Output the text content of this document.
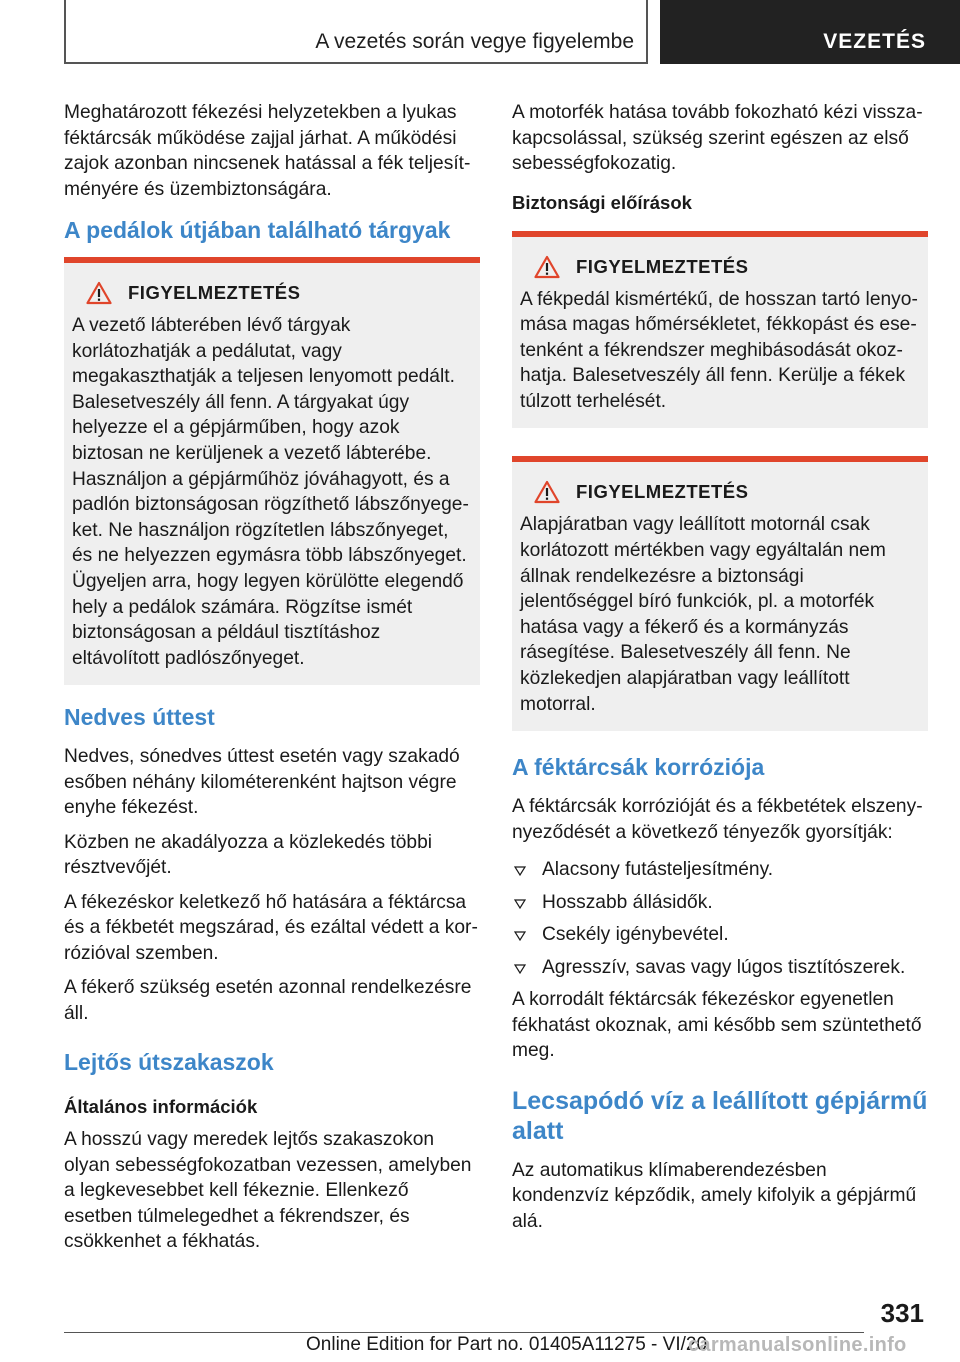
A vezetés során vegye figyelembe	VEZETÉS

Meghatározott fékezési helyzetekben a lyukas féktárcsák működése zajjal járhat. A működési zajok azonban nincsenek hatással a fék teljesítményére és üzembiztonságára.

A pedálok útjában található tárgyak
FIGYELMEZTETÉS

A vezető lábterében lévő tárgyak korlátozhatják a pedálutat, vagy megakaszthatják a teljesen lenyomott pedált. Balesetveszély áll fenn. A tárgyakat úgy helyezze el a gépjárműben, hogy azok biztosan ne kerüljenek a vezető lábterébe. Használjon a gépjárműhöz jóváhagyott, és a padlón biztonságosan rögzíthető lábszőnyegeket. Ne használjon rögzítetlen lábszőnyeget, és ne helyezzen egymásra több lábszőnyeget. Ügyeljen arra, hogy legyen körülötte elegendő hely a pedálok számára. Rögzítse ismét biztonságosan a például tisztításhoz eltávolított padlószőnyeget.

Nedves úttest

Nedves, sónedves úttest esetén vagy szakadó esőben néhány kilométerenként hajtson végre enyhe fékezést.

Közben ne akadályozza a közlekedés többi résztvevőjét.

A fékezéskor keletkező hő hatására a féktárcsa és a fékbetét megszárad, és ezáltal védett a korrózióval szemben.

A fékerő szükség esetén azonnal rendelkezésre áll.

Lejtős útszakaszok
Általános információk

A hosszú vagy meredek lejtős szakaszokon olyan sebességfokozatban vezessen, amelyben a legkevesebbet kell fékeznie. Ellenkező esetben túlmelegedhet a fékrendszer, és csökkenhet a fékhatás.

A motorfék hatása tovább fokozható kézi visszakapcsolással, szükség szerint egészen az első sebességfokozatig.

Biztonsági előírások
FIGYELMEZTETÉS

A fékpedál kismértékű, de hosszan tartó lenyomása magas hőmérsékletet, fékkopást és esetenként a fékrendszer meghibásodását okozhatja. Balesetveszély áll fenn. Kerülje a fékek túlzott terhelését.

FIGYELMEZTETÉS

Alapjáratban vagy leállított motornál csak korlátozott mértékben vagy egyáltalán nem állnak rendelkezésre a biztonsági jelentőséggel bíró funkciók, pl. a motorfék hatása vagy a fékerő és a kormányzás rásegítése. Balesetveszély áll fenn. Ne közlekedjen alapjáratban vagy leállított motorral.

A féktárcsák korróziója

A féktárcsák korrózióját és a fékbetétek elszenynyeződését a következő tényezők gyorsítják:

Alacsony futásteljesítmény.
Hosszabb állásidők.
Csekély igénybevétel.
Agresszív, savas vagy lúgos tisztítószerek.

A korrodált féktárcsák fékezéskor egyenetlen fékhatást okoznak, ami később sem szüntethető meg.

Lecsapódó víz a leállított gépjármű alatt

Az automatikus klímaberendezésben kondenzvíz képződik, amely kifolyik a gépjármű alá.

331
Online Edition for Part no. 01405A11275 - VI/20
carmanualsonline.info
